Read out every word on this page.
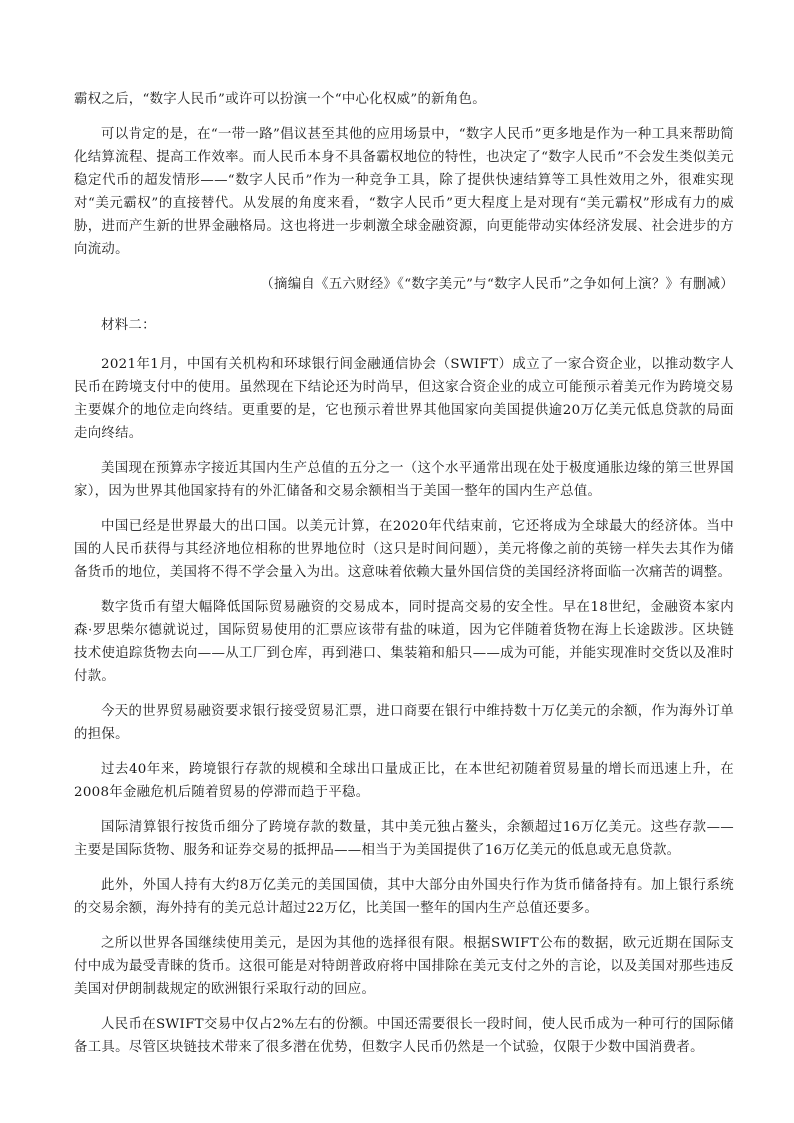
霸权之后，“数字人民币”或许可以扮演一个“中心化权威”的新角色。

可以肯定的是，在“一带一路”倡议甚至其他的应用场景中，“数字人民币”更多地是作为一种工具来帮助简化结算流程、提高工作效率。而人民币本身不具备霸权地位的特性，也决定了“数字人民币”不会发生类似美元稳定代币的超发情形——“数字人民币”作为一种竞争工具，除了提供快速结算等工具性效用之外，很难实现对“美元霸权”的直接替代。从发展的角度来看，“数字人民币”更大程度上是对现有“美元霸权”形成有力的威胁，进而产生新的世界金融格局。这也将进一步刺激全球金融资源，向更能带动实体经济发展、社会进步的方向流动。

（摘编自《五六财经》《“数字美元”与“数字人民币”之争如何上演？》有删减）

材料二：

2021年1月，中国有关机构和环球银行间金融通信协会（SWIFT）成立了一家合资企业，以推动数字人民币在跨境支付中的使用。虽然现在下结论还为时尚早，但这家合资企业的成立可能预示着美元作为跨境交易主要媒介的地位走向终结。更重要的是，它也预示着世界其他国家向美国提供逾20万亿美元低息贷款的局面走向终结。

美国现在预算赤字接近其国内生产总值的五分之一（这个水平通常出现在处于极度通胀边缘的第三世界国家），因为世界其他国家持有的外汇储备和交易余额相当于美国一整年的国内生产总值。

中国已经是世界最大的出口国。以美元计算，在2020年代结束前，它还将成为全球最大的经济体。当中国的人民币获得与其经济地位相称的世界地位时（这只是时间问题），美元将像之前的英镑一样失去其作为储备货币的地位，美国将不得不学会量入为出。这意味着依赖大量外国信贷的美国经济将面临一次痛苦的调整。

数字货币有望大幅降低国际贸易融资的交易成本，同时提高交易的安全性。早在18世纪，金融资本家内森·罗思柴尔德就说过，国际贸易使用的汇票应该带有盐的味道，因为它伴随着货物在海上长途跋涉。区块链技术使追踪货物去向——从工厂到仓库，再到港口、集装箱和船只——成为可能，并能实现准时交货以及准时付款。

今天的世界贸易融资要求银行接受贸易汇票，进口商要在银行中维持数十万亿美元的余额，作为海外订单的担保。

过去40年来，跨境银行存款的规模和全球出口量成正比，在本世纪初随着贸易量的增长而迅速上升，在2008年金融危机后随着贸易的停滞而趋于平稳。

国际清算银行按货币细分了跨境存款的数量，其中美元独占鳌头，余额超过16万亿美元。这些存款——主要是国际货物、服务和证券交易的抵押品——相当于为美国提供了16万亿美元的低息或无息贷款。

此外，外国人持有大约8万亿美元的美国国债，其中大部分由外国央行作为货币储备持有。加上银行系统的交易余额，海外持有的美元总计超过22万亿，比美国一整年的国内生产总值还要多。

之所以世界各国继续使用美元，是因为其他的选择很有限。根据SWIFT公布的数据，欧元近期在国际支付中成为最受青睐的货币。这很可能是对特朗普政府将中国排除在美元支付之外的言论，以及美国对那些违反美国对伊朗制裁规定的欧洲银行采取行动的回应。

人民币在SWIFT交易中仅占2%左右的份额。中国还需要很长一段时间，使人民币成为一种可行的国际储备工具。尽管区块链技术带来了很多潜在优势，但数字人民币仍然是一个试验，仅限于少数中国消费者。
